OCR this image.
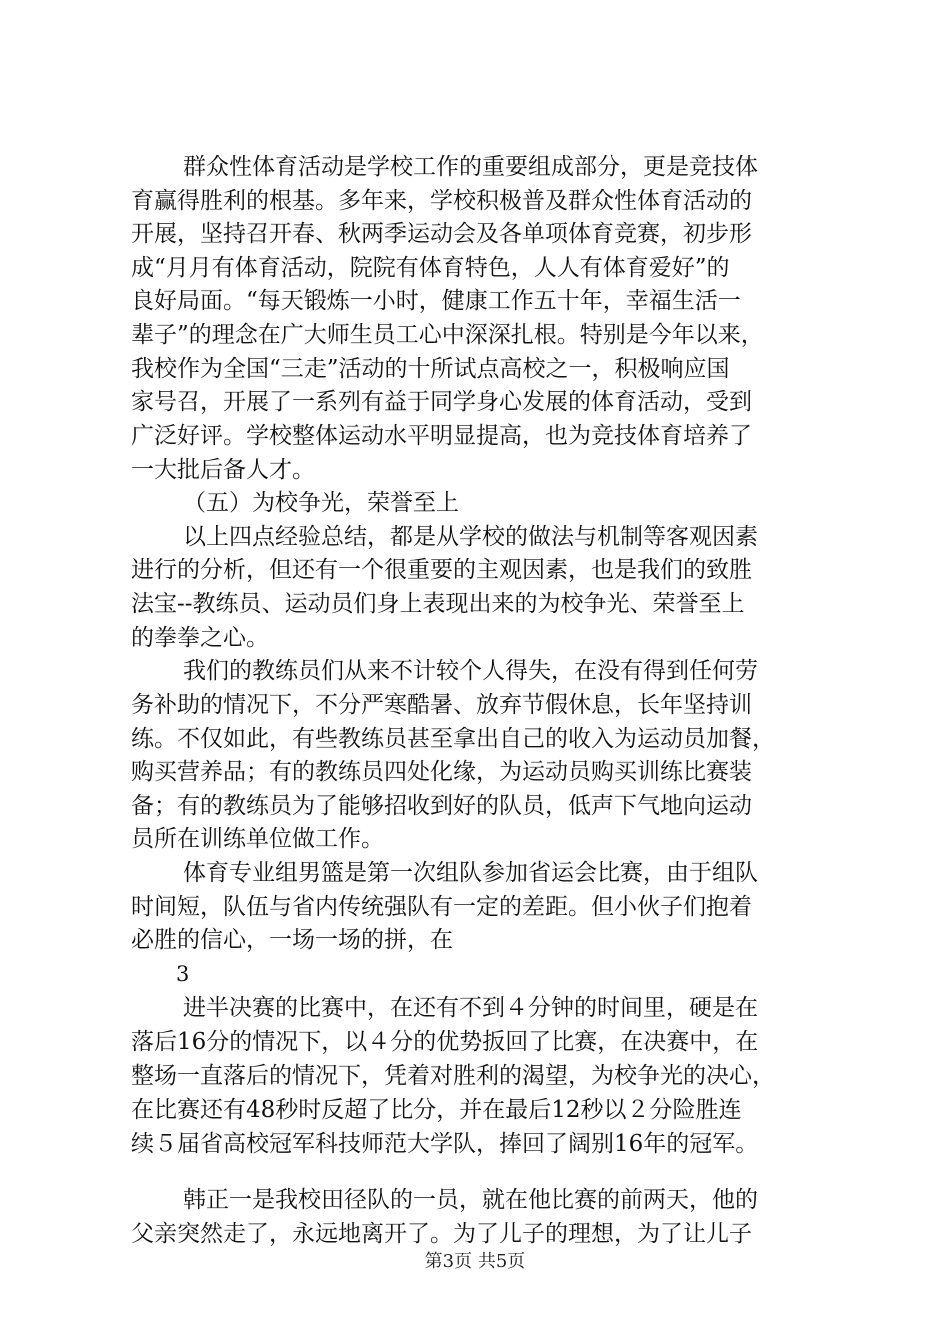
群众性体育活动是学校工作的重要组成部分，更是竞技体
育赢得胜利的根基。多年来，学校积极普及群众性体育活动的
开展，坚持召开春、秋两季运动会及各单项体育竞赛，初步形
成“月月有体育活动，院院有体育特色，人人有体育爱好”的
良好局面。“每天锻炼一小时，健康工作五十年，幸福生活一
辈子”的理念在广大师生员工心中深深扎根。特别是今年以来，
我校作为全国“三走”活动的十所试点高校之一，积极响应国
家号召，开展了一系列有益于同学身心发展的体育活动，受到
广泛好评。学校整体运动水平明显提高，也为竞技体育培养了
一大批后备人才。
（五）为校争光，荣誉至上
以上四点经验总结，都是从学校的做法与机制等客观因素
进行的分析，但还有一个很重要的主观因素，也是我们的致胜
法宝--教练员、运动员们身上表现出来的为校争光、荣誉至上
的拳拳之心。
我们的教练员们从来不计较个人得失，在没有得到任何劳
务补助的情况下，不分严寒酷暑、放弃节假休息，长年坚持训
练。不仅如此，有些教练员甚至拿出自己的收入为运动员加餐，
购买营养品；有的教练员四处化缘，为运动员购买训练比赛装
备；有的教练员为了能够招收到好的队员，低声下气地向运动
员所在训练单位做工作。
体育专业组男篮是第一次组队参加省运会比赛，由于组队
时间短，队伍与省内传统强队有一定的差距。但小伙子们抱着
必胜的信心，一场一场的拼，在
3
进半决赛的比赛中，在还有不到４分钟的时间里，硬是在
落后16分的情况下，以４分的优势扳回了比赛，在决赛中，在
整场一直落后的情况下，凭着对胜利的渴望，为校争光的决心，
在比赛还有48秒时反超了比分，并在最后12秒以２分险胜连
续５届省高校冠军科技师范大学队，捧回了阔别16年的冠军。
韩正一是我校田径队的一员，就在他比赛的前两天，他的
父亲突然走了，永远地离开了。为了儿子的理想，为了让儿子
第3页 共5页
